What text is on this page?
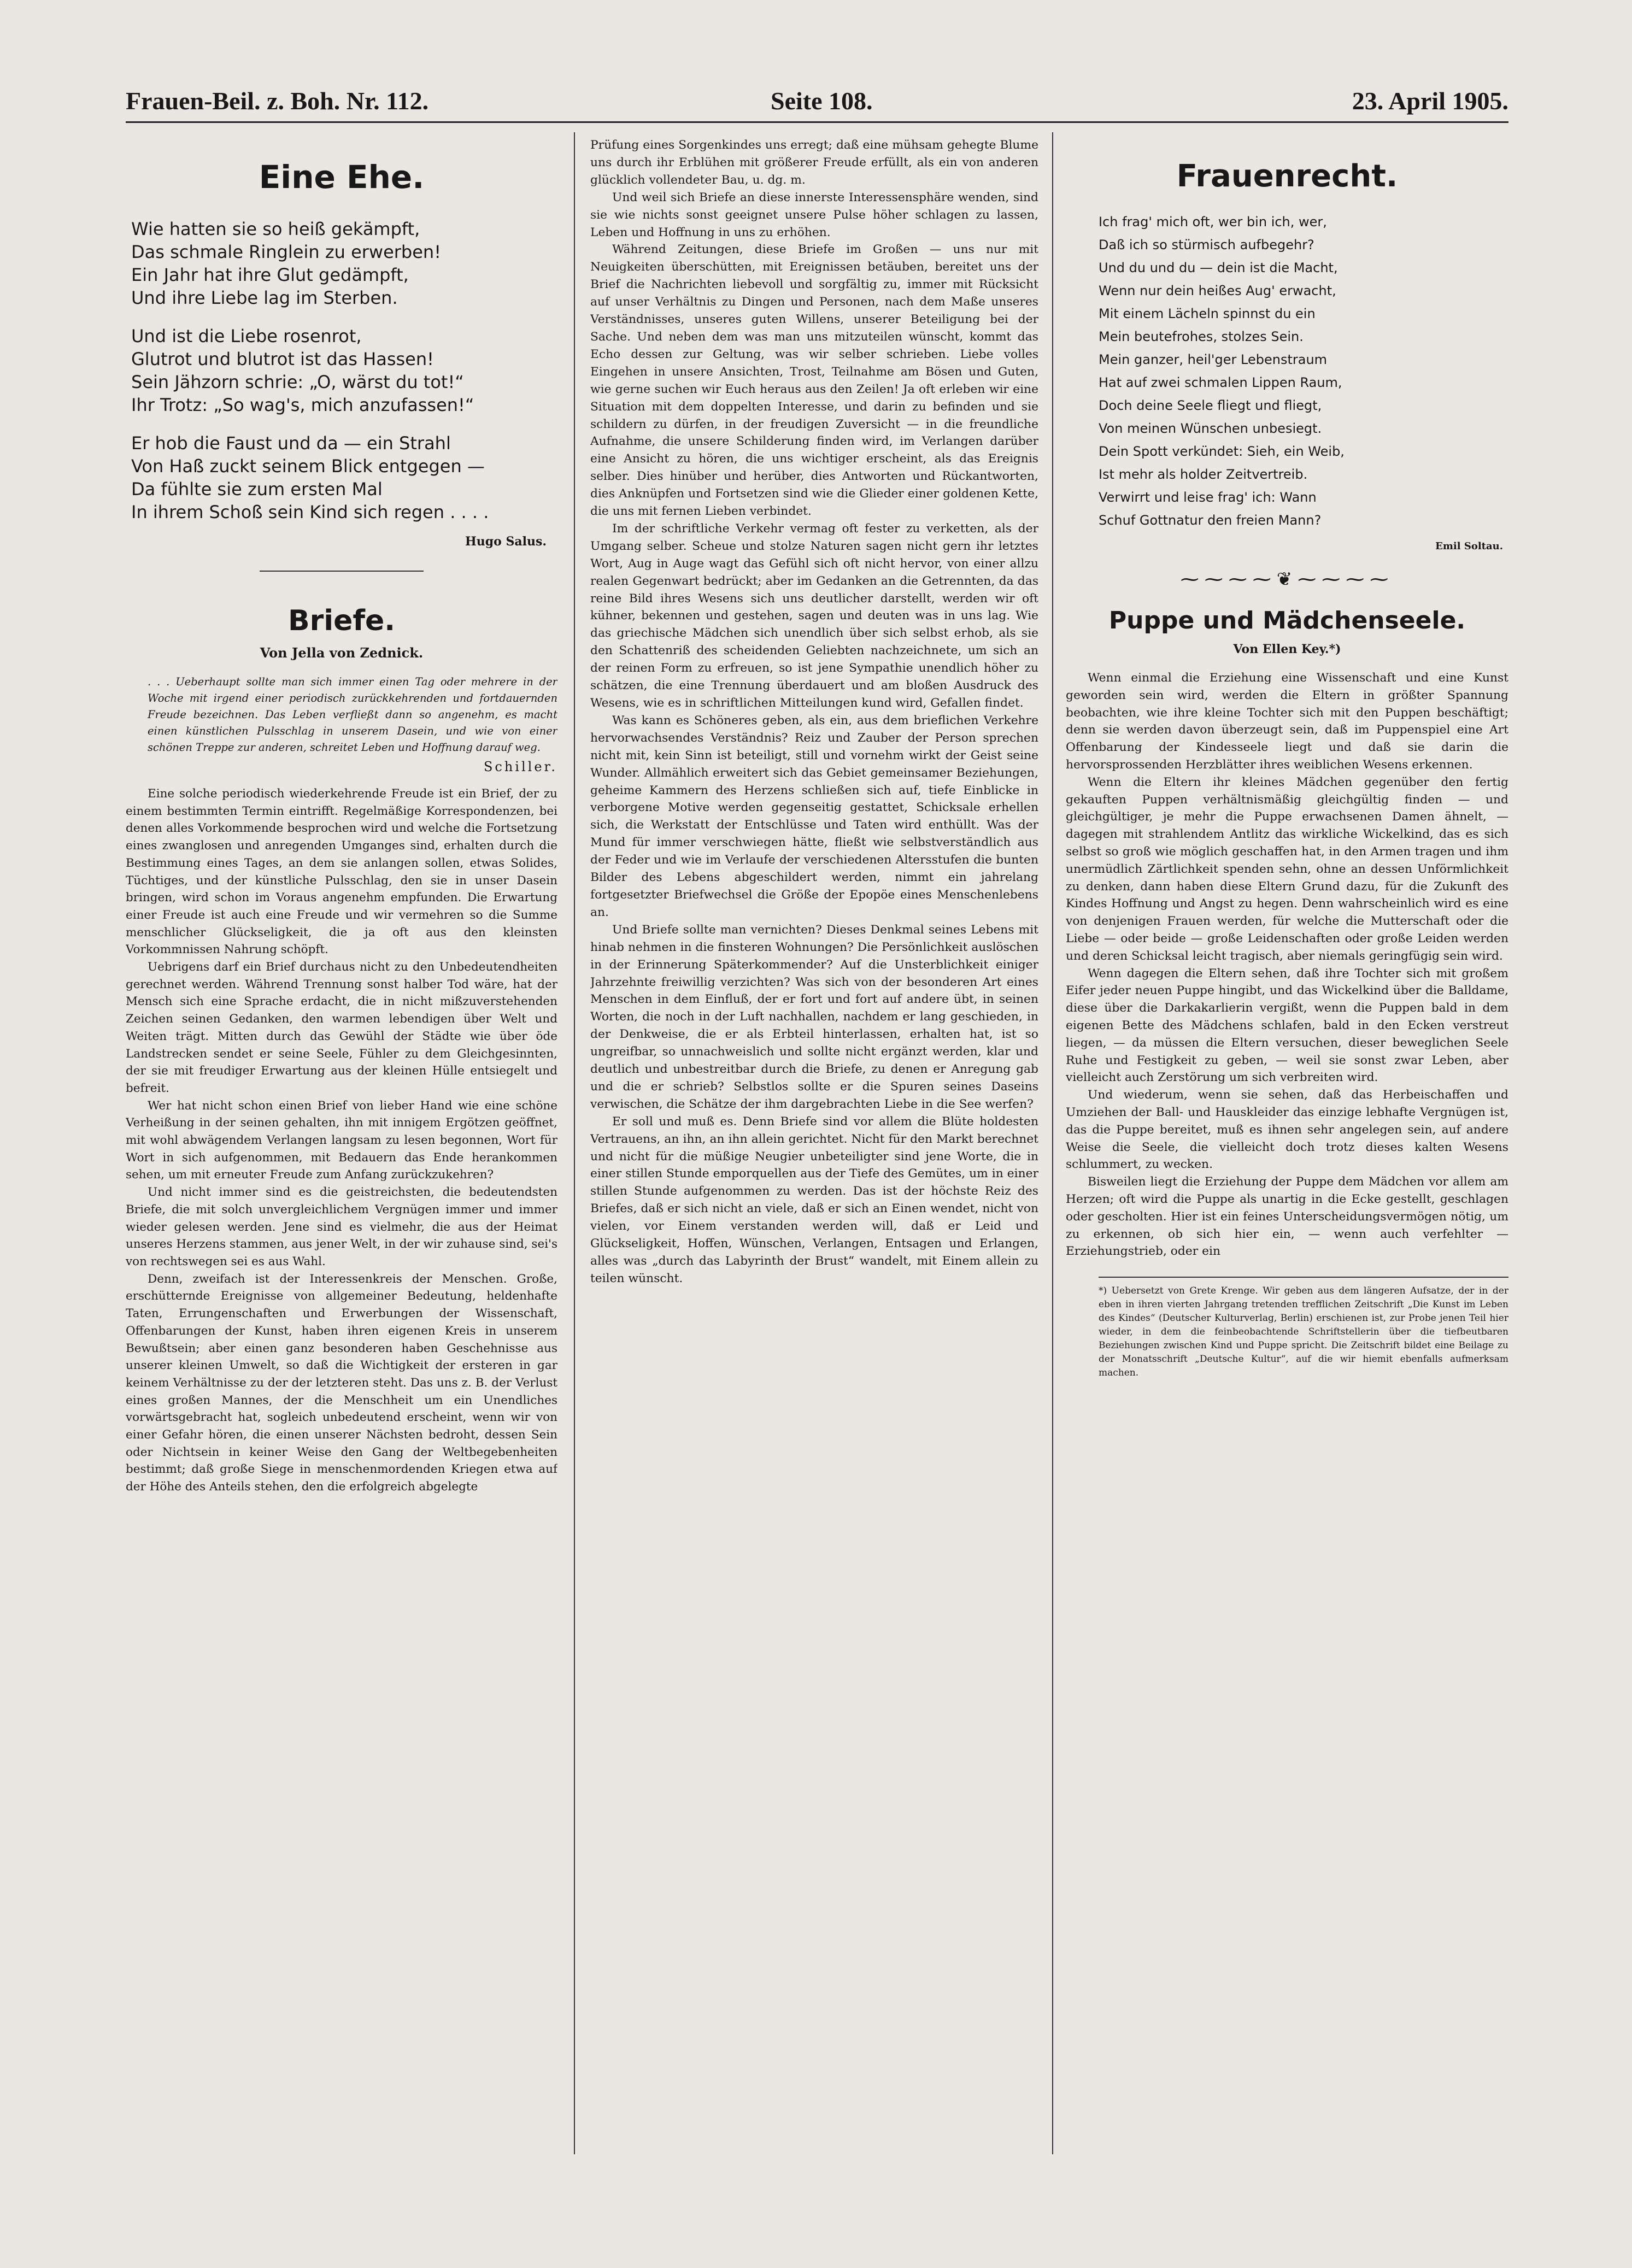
Frauen-Beil. z. Boh. Nr. 112.	Seite 108.	23. April 1905.
Eine Ehe.
Wie hatten sie so heiß gekämpft,
Das schmale Ringlein zu erwerben!
Ein Jahr hat ihre Glut gedämpft,
Und ihre Liebe lag im Sterben.
Und ist die Liebe rosenrot,
Glutrot und blutrot ist das Hassen!
Sein Jähzorn schrie: „O, wärst du tot!“
Ihr Trotz: „So wag's, mich anzufassen!“
Er hob die Faust und da — ein Strahl
Von Haß zuckt seinem Blick entgegen —
Da fühlte sie zum ersten Mal
In ihrem Schoß sein Kind sich regen . . . .
Hugo Salus.
Briefe.
Von Jella von Zednick.

. . . Ueberhaupt sollte man sich immer einen Tag oder mehrere in der Woche mit irgend einer periodisch zurückkehrenden und fortdauernden Freude bezeichnen. Das Leben verfließt dann so angenehm, es macht einen künstlichen Pulsschlag in unserem Dasein, und wie von einer schönen Treppe zur anderen, schreitet Leben und Hoffnung darauf weg.

Schiller.

Eine solche periodisch wiederkehrende Freude ist ein Brief, der zu einem bestimmten Termin eintrifft. Regelmäßige Korrespondenzen, bei denen alles Vorkommende besprochen wird und welche die Fortsetzung eines zwanglosen und anregenden Umganges sind, erhalten durch die Bestimmung eines Tages, an dem sie anlangen sollen, etwas Solides, Tüchtiges, und der künstliche Pulsschlag, den sie in unser Dasein bringen, wird schon im Voraus angenehm empfunden. Die Erwartung einer Freude ist auch eine Freude und wir vermehren so die Summe menschlicher Glückseligkeit, die ja oft aus den kleinsten Vorkommnissen Nahrung schöpft.

Uebrigens darf ein Brief durchaus nicht zu den Unbedeutendheiten gerechnet werden. Während Trennung sonst halber Tod wäre, hat der Mensch sich eine Sprache erdacht, die in nicht mißzuverstehenden Zeichen seinen Gedanken, den warmen lebendigen über Welt und Weiten trägt. Mitten durch das Gewühl der Städte wie über öde Landstrecken sendet er seine Seele, Fühler zu dem Gleichgesinnten, der sie mit freudiger Erwartung aus der kleinen Hülle entsiegelt und befreit.

Wer hat nicht schon einen Brief von lieber Hand wie eine schöne Verheißung in der seinen gehalten, ihn mit innigem Ergötzen geöffnet, mit wohl abwägendem Verlangen langsam zu lesen begonnen, Wort für Wort in sich aufgenommen, mit Bedauern das Ende herankommen sehen, um mit erneuter Freude zum Anfang zurückzukehren?

Und nicht immer sind es die geistreichsten, die bedeutendsten Briefe, die mit solch unvergleichlichem Vergnügen immer und immer wieder gelesen werden. Jene sind es vielmehr, die aus der Heimat unseres Herzens stammen, aus jener Welt, in der wir zuhause sind, sei's von rechtswegen sei es aus Wahl.

Denn, zweifach ist der Interessenkreis der Menschen. Große, erschütternde Ereignisse von allgemeiner Bedeutung, heldenhafte Taten, Errungenschaften und Erwerbungen der Wissenschaft, Offenbarungen der Kunst, haben ihren eigenen Kreis in unserem Bewußtsein; aber einen ganz besonderen haben Geschehnisse aus unserer kleinen Umwelt, so daß die Wichtigkeit der ersteren in gar keinem Verhältnisse zu der der letzteren steht. Das uns z. B. der Verlust eines großen Mannes, der die Menschheit um ein Unendliches vorwärtsgebracht hat, sogleich unbedeutend erscheint, wenn wir von einer Gefahr hören, die einen unserer Nächsten bedroht, dessen Sein oder Nichtsein in keiner Weise den Gang der Weltbegebenheiten bestimmt; daß große Siege in menschenmordenden Kriegen etwa auf der Höhe des Anteils stehen, den die erfolgreich abgelegte

Prüfung eines Sorgenkindes uns erregt; daß eine mühsam gehegte Blume uns durch ihr Erblühen mit größerer Freude erfüllt, als ein von anderen glücklich vollendeter Bau, u. dg. m.

Und weil sich Briefe an diese innerste Interessensphäre wenden, sind sie wie nichts sonst geeignet unsere Pulse höher schlagen zu lassen, Leben und Hoffnung in uns zu erhöhen.

Während Zeitungen, diese Briefe im Großen — uns nur mit Neuigkeiten überschütten, mit Ereignissen betäuben, bereitet uns der Brief die Nachrichten liebevoll und sorgfältig zu, immer mit Rücksicht auf unser Verhältnis zu Dingen und Personen, nach dem Maße unseres Verständnisses, unseres guten Willens, unserer Beteiligung bei der Sache. Und neben dem was man uns mitzuteilen wünscht, kommt das Echo dessen zur Geltung, was wir selber schrieben. Liebe volles Eingehen in unsere Ansichten, Trost, Teilnahme am Bösen und Guten, wie gerne suchen wir Euch heraus aus den Zeilen! Ja oft erleben wir eine Situation mit dem doppelten Interesse, und darin zu befinden und sie schildern zu dürfen, in der freudigen Zuversicht — in die freundliche Aufnahme, die unsere Schilderung finden wird, im Verlangen darüber eine Ansicht zu hören, die uns wichtiger erscheint, als das Ereignis selber. Dies hinüber und herüber, dies Antworten und Rückantworten, dies Anknüpfen und Fortsetzen sind wie die Glieder einer goldenen Kette, die uns mit fernen Lieben verbindet.

Im der schriftliche Verkehr vermag oft fester zu verketten, als der Umgang selber. Scheue und stolze Naturen sagen nicht gern ihr letztes Wort, Aug in Auge wagt das Gefühl sich oft nicht hervor, von einer allzu realen Gegenwart bedrückt; aber im Gedanken an die Getrennten, da das reine Bild ihres Wesens sich uns deutlicher darstellt, werden wir oft kühner, bekennen und gestehen, sagen und deuten was in uns lag. Wie das griechische Mädchen sich unendlich über sich selbst erhob, als sie den Schattenriß des scheidenden Geliebten nachzeichnete, um sich an der reinen Form zu erfreuen, so ist jene Sympathie unendlich höher zu schätzen, die eine Trennung überdauert und am bloßen Ausdruck des Wesens, wie es in schriftlichen Mitteilungen kund wird, Gefallen findet.

Was kann es Schöneres geben, als ein, aus dem brieflichen Verkehre hervorwachsendes Verständnis? Reiz und Zauber der Person sprechen nicht mit, kein Sinn ist beteiligt, still und vornehm wirkt der Geist seine Wunder. Allmählich erweitert sich das Gebiet gemeinsamer Beziehungen, geheime Kammern des Herzens schließen sich auf, tiefe Einblicke in verborgene Motive werden gegenseitig gestattet, Schicksale erhellen sich, die Werkstatt der Entschlüsse und Taten wird enthüllt. Was der Mund für immer verschwiegen hätte, fließt wie selbstverständlich aus der Feder und wie im Verlaufe der verschiedenen Altersstufen die bunten Bilder des Lebens abgeschildert werden, nimmt ein jahrelang fortgesetzter Briefwechsel die Größe der Epopöe eines Menschenlebens an.

Und Briefe sollte man vernichten? Dieses Denkmal seines Lebens mit hinab nehmen in die finsteren Wohnungen? Die Persönlichkeit auslöschen in der Erinnerung Späterkommender? Auf die Unsterblichkeit einiger Jahrzehnte freiwillig verzichten? Was sich von der besonderen Art eines Menschen in dem Einfluß, der er fort und fort auf andere übt, in seinen Worten, die noch in der Luft nachhallen, nachdem er lang geschieden, in der Denkweise, die er als Erbteil hinterlassen, erhalten hat, ist so ungreifbar, so unnachweislich und sollte nicht ergänzt werden, klar und deutlich und unbestreitbar durch die Briefe, zu denen er Anregung gab und die er schrieb? Selbstlos sollte er die Spuren seines Daseins verwischen, die Schätze der ihm dargebrachten Liebe in die See werfen?

Er soll und muß es. Denn Briefe sind vor allem die Blüte holdesten Vertrauens, an ihn, an ihn allein gerichtet. Nicht für den Markt berechnet und nicht für die müßige Neugier unbeteiligter sind jene Worte, die in einer stillen Stunde emporquellen aus der Tiefe des Gemütes, um in einer stillen Stunde aufgenommen zu werden. Das ist der höchste Reiz des Briefes, daß er sich nicht an viele, daß er sich an Einen wendet, nicht von vielen, vor Einem verstanden werden will, daß er Leid und Glückseligkeit, Hoffen, Wünschen, Verlangen, Entsagen und Erlangen, alles was „durch das Labyrinth der Brust“ wandelt, mit Einem allein zu teilen wünscht.

Frauenrecht.
Ich frag' mich oft, wer bin ich, wer,
Daß ich so stürmisch aufbegehr?
Und du und du — dein ist die Macht,
Wenn nur dein heißes Aug' erwacht,
Mit einem Lächeln spinnst du ein
Mein beutefrohes, stolzes Sein.
Mein ganzer, heil'ger Lebenstraum
Hat auf zwei schmalen Lippen Raum,
Doch deine Seele fliegt und fliegt,
Von meinen Wünschen unbesiegt.
Dein Spott verkündet: Sieh, ein Weib,
Ist mehr als holder Zeitvertreib.
Verwirrt und leise frag' ich: Wann
Schuf Gottnatur den freien Mann?
Emil Soltau.
⁓⁓⁓⁓❦⁓⁓⁓⁓
Puppe und Mädchenseele.
Von Ellen Key.*)

Wenn einmal die Erziehung eine Wissenschaft und eine Kunst geworden sein wird, werden die Eltern in größter Spannung beobachten, wie ihre kleine Tochter sich mit den Puppen beschäftigt; denn sie werden davon überzeugt sein, daß im Puppenspiel eine Art Offenbarung der Kindesseele liegt und daß sie darin die hervorsprossenden Herzblätter ihres weiblichen Wesens erkennen.

Wenn die Eltern ihr kleines Mädchen gegenüber den fertig gekauften Puppen verhältnismäßig gleichgültig finden — und gleichgültiger, je mehr die Puppe erwachsenen Damen ähnelt, — dagegen mit strahlendem Antlitz das wirkliche Wickelkind, das es sich selbst so groß wie möglich geschaffen hat, in den Armen tragen und ihm unermüdlich Zärtlichkeit spenden sehn, ohne an dessen Unförmlichkeit zu denken, dann haben diese Eltern Grund dazu, für die Zukunft des Kindes Hoffnung und Angst zu hegen. Denn wahrscheinlich wird es eine von denjenigen Frauen werden, für welche die Mutterschaft oder die Liebe — oder beide — große Leidenschaften oder große Leiden werden und deren Schicksal leicht tragisch, aber niemals geringfügig sein wird.

Wenn dagegen die Eltern sehen, daß ihre Tochter sich mit großem Eifer jeder neuen Puppe hingibt, und das Wickelkind über die Balldame, diese über die Darkakarlierin vergißt, wenn die Puppen bald in dem eigenen Bette des Mädchens schlafen, bald in den Ecken verstreut liegen, — da müssen die Eltern versuchen, dieser beweglichen Seele Ruhe und Festigkeit zu geben, — weil sie sonst zwar Leben, aber vielleicht auch Zerstörung um sich verbreiten wird.

Und wiederum, wenn sie sehen, daß das Herbeischaffen und Umziehen der Ball- und Hauskleider das einzige lebhafte Vergnügen ist, das die Puppe bereitet, muß es ihnen sehr angelegen sein, auf andere Weise die Seele, die vielleicht doch trotz dieses kalten Wesens schlummert, zu wecken.

Bisweilen liegt die Erziehung der Puppe dem Mädchen vor allem am Herzen; oft wird die Puppe als unartig in die Ecke gestellt, geschlagen oder gescholten. Hier ist ein feines Unterscheidungsvermögen nötig, um zu erkennen, ob sich hier ein, — wenn auch verfehlter — Erziehungstrieb, oder ein

*) Uebersetzt von Grete Krenge. Wir geben aus dem längeren Aufsatze, der in der eben in ihren vierten Jahrgang tretenden trefflichen Zeitschrift „Die Kunst im Leben des Kindes“ (Deutscher Kulturverlag, Berlin) erschienen ist, zur Probe jenen Teil hier wieder, in dem die feinbeobachtende Schriftstellerin über die tiefbeutbaren Beziehungen zwischen Kind und Puppe spricht. Die Zeitschrift bildet eine Beilage zu der Monatsschrift „Deutsche Kultur“, auf die wir hiemit ebenfalls aufmerksam machen.
